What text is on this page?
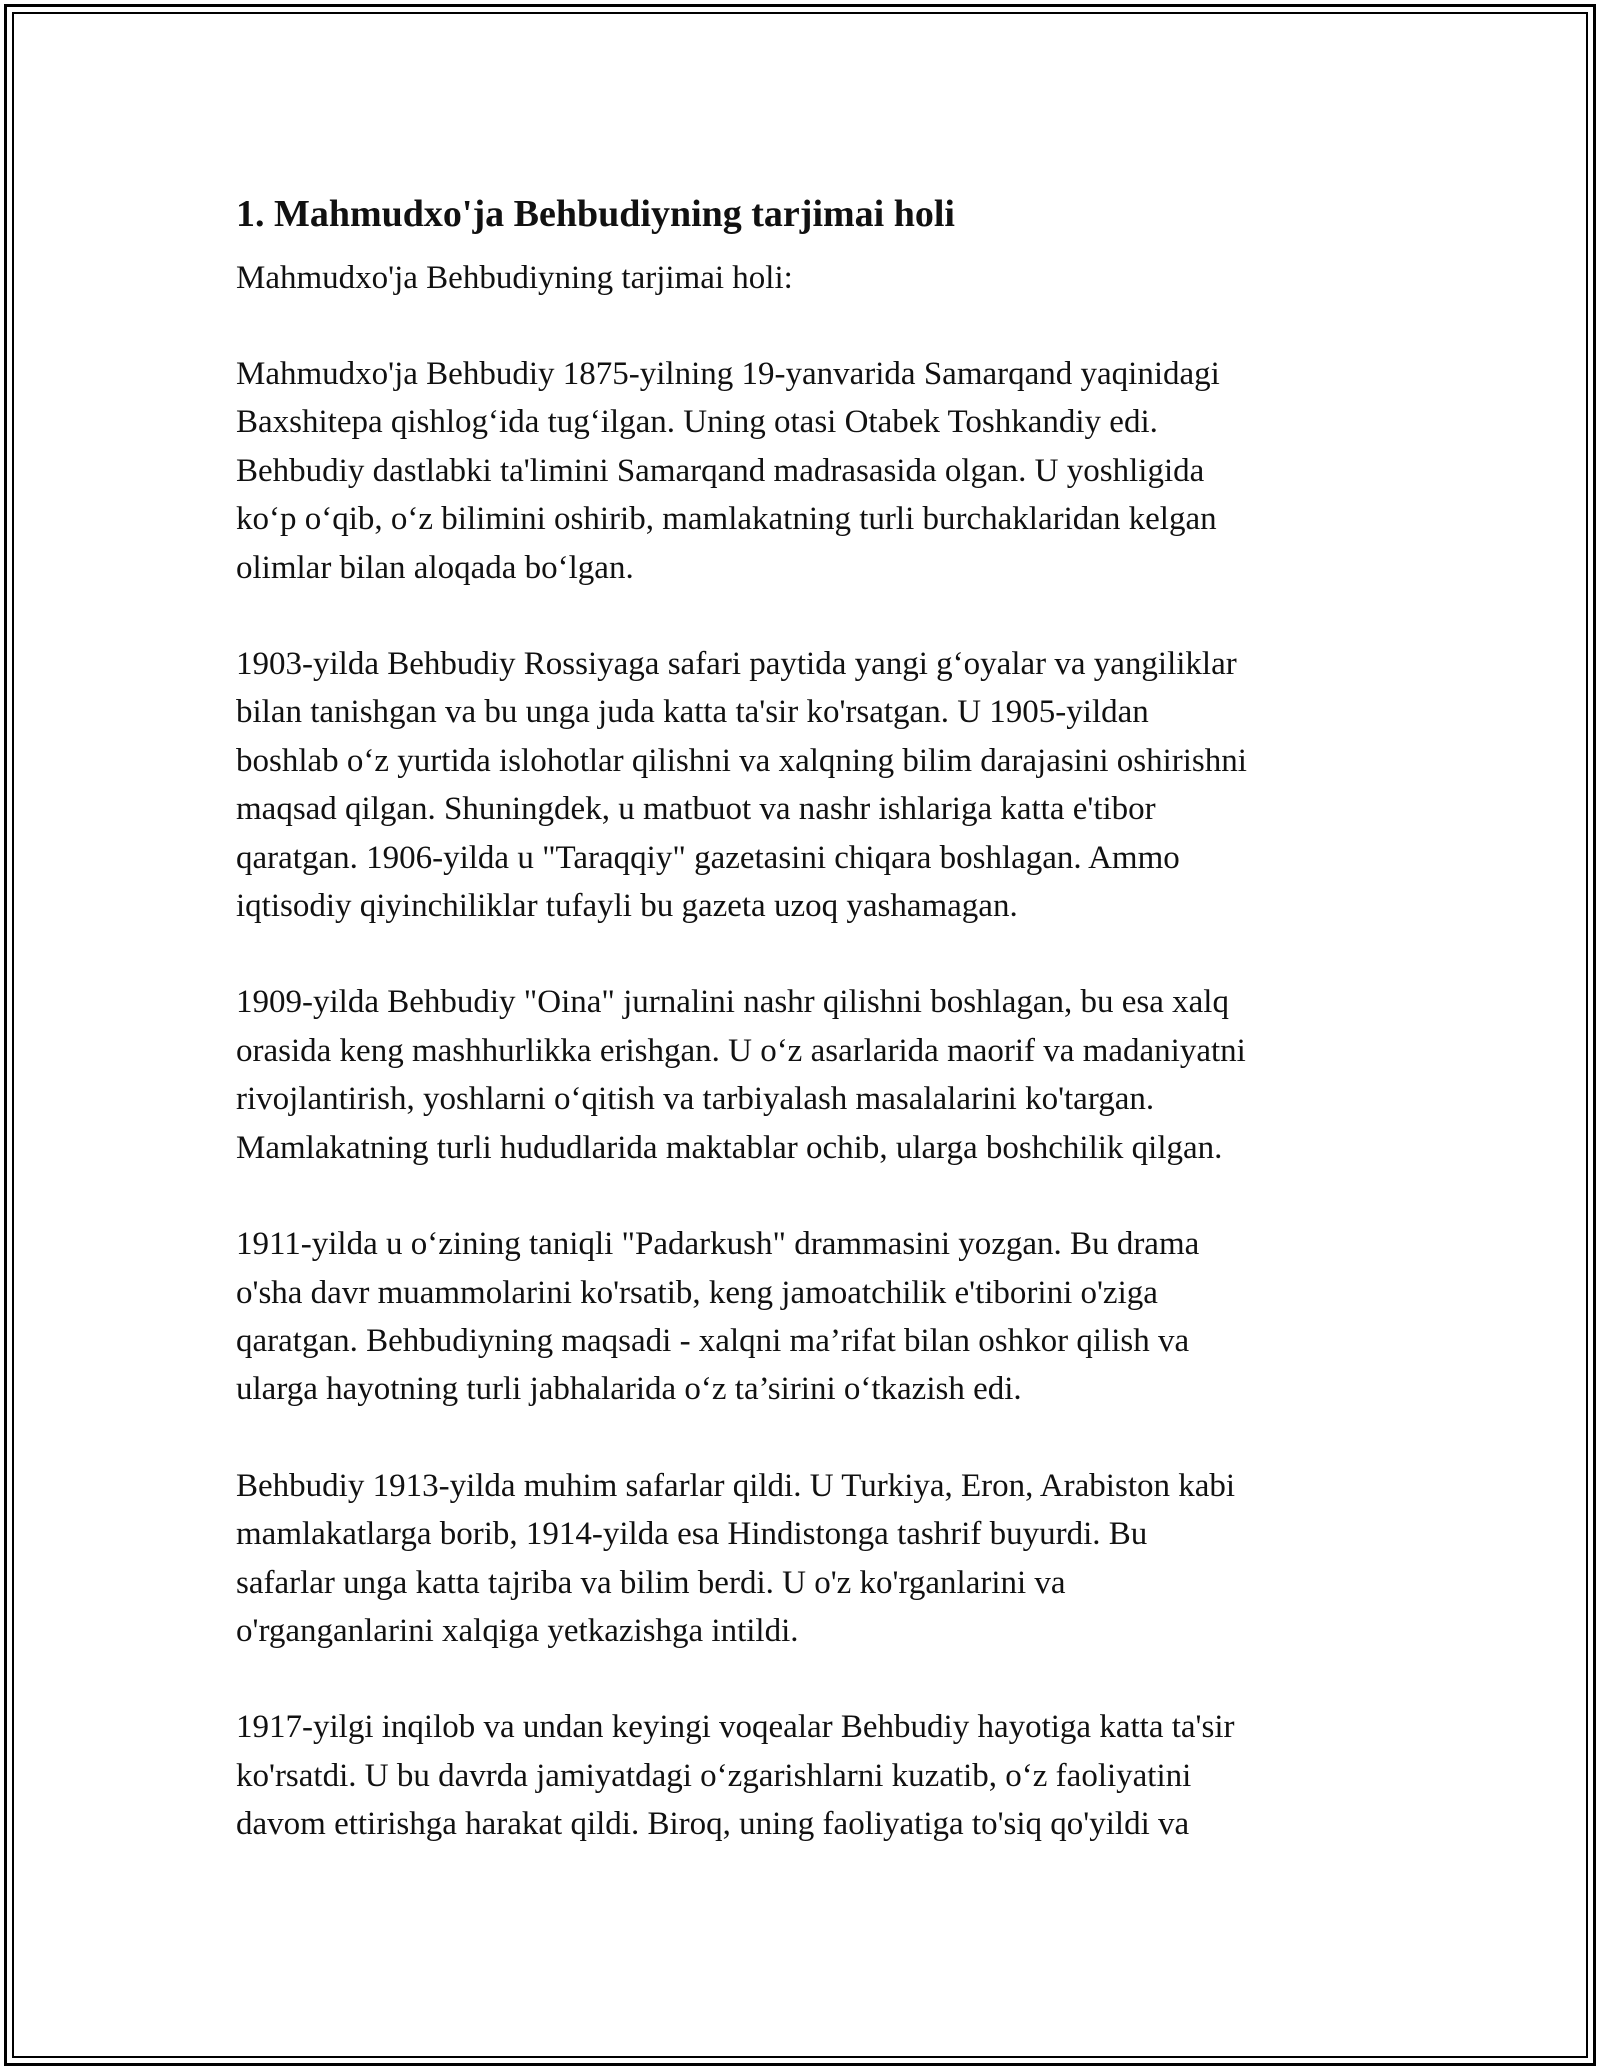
1. Mahmudxo'ja Behbudiyning tarjimai holi

Mahmudxo'ja Behbudiyning tarjimai holi:

Mahmudxo'ja Behbudiy 1875-yilning 19-yanvarida Samarqand yaqinidagi
Baxshitepa qishlog‘ida tug‘ilgan. Uning otasi Otabek Toshkandiy edi.
Behbudiy dastlabki ta'limini Samarqand madrasasida olgan. U yoshligida
ko‘p o‘qib, o‘z bilimini oshirib, mamlakatning turli burchaklaridan kelgan
olimlar bilan aloqada bo‘lgan.

1903-yilda Behbudiy Rossiyaga safari paytida yangi g‘oyalar va yangiliklar
bilan tanishgan va bu unga juda katta ta'sir ko'rsatgan. U 1905-yildan
boshlab o‘z yurtida islohotlar qilishni va xalqning bilim darajasini oshirishni
maqsad qilgan. Shuningdek, u matbuot va nashr ishlariga katta e'tibor
qaratgan. 1906-yilda u "Taraqqiy" gazetasini chiqara boshlagan. Ammo
iqtisodiy qiyinchiliklar tufayli bu gazeta uzoq yashamagan.

1909-yilda Behbudiy "Oina" jurnalini nashr qilishni boshlagan, bu esa xalq
orasida keng mashhurlikka erishgan. U o‘z asarlarida maorif va madaniyatni
rivojlantirish, yoshlarni o‘qitish va tarbiyalash masalalarini ko'targan.
Mamlakatning turli hududlarida maktablar ochib, ularga boshchilik qilgan.

1911-yilda u o‘zining taniqli "Padarkush" drammasini yozgan. Bu drama
o'sha davr muammolarini ko'rsatib, keng jamoatchilik e'tiborini o'ziga
qaratgan. Behbudiyning maqsadi - xalqni ma’rifat bilan oshkor qilish va
ularga hayotning turli jabhalarida o‘z ta’sirini o‘tkazish edi.

Behbudiy 1913-yilda muhim safarlar qildi. U Turkiya, Eron, Arabiston kabi
mamlakatlarga borib, 1914-yilda esa Hindistonga tashrif buyurdi. Bu
safarlar unga katta tajriba va bilim berdi. U o'z ko'rganlarini va
o'rganganlarini xalqiga yetkazishga intildi.

1917-yilgi inqilob va undan keyingi voqealar Behbudiy hayotiga katta ta'sir
ko'rsatdi. U bu davrda jamiyatdagi o‘zgarishlarni kuzatib, o‘z faoliyatini
davom ettirishga harakat qildi. Biroq, uning faoliyatiga to'siq qo'yildi va
